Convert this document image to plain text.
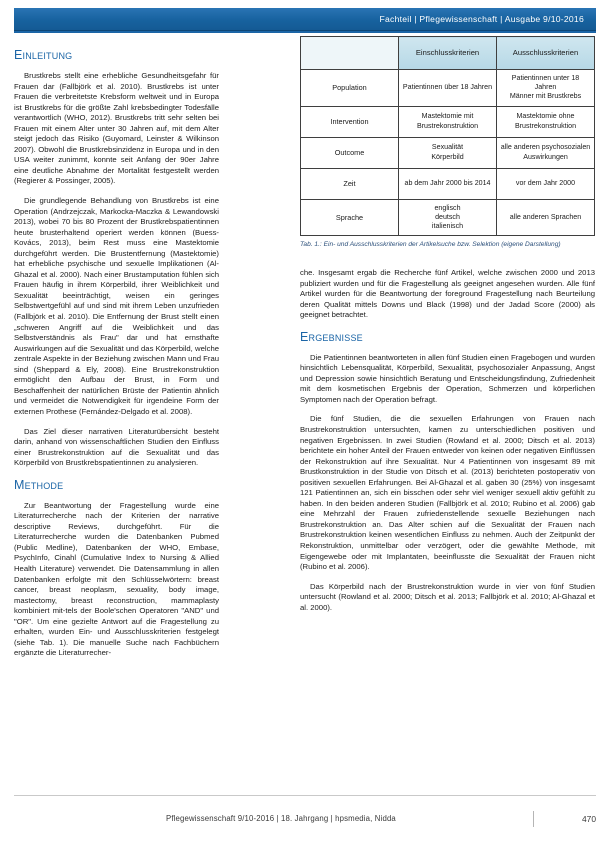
Fachteil | Pflegewissenschaft | Ausgabe 9/10-2016
Einleitung

Brustkrebs stellt eine erhebliche Gesundheitsgefahr für Frauen dar (Fallbjörk et al. 2010). Brustkrebs ist unter Frauen die verbreitetste Krebsform weltweit und in Europa ist Brustkrebs für die größte Zahl krebsbedingter Todesfälle verantwortlich (WHO, 2012). Brustkrebs tritt sehr selten bei Frauen mit einem Alter unter 30 Jahren auf, mit dem Alter steigt jedoch das Risiko (Guyomard, Leinster & Wilkinson 2007). Obwohl die Brustkrebsinzidenz in Europa und in den USA weiter zunimmt, konnte seit Anfang der 90er Jahre eine deutliche Abnahme der Mortalität festgestellt werden (Regierer & Possinger, 2005).

Die grundlegende Behandlung von Brustkrebs ist eine Operation (Andrzejczak, Markocka-Maczka & Lewandowski 2013), wobei 70 bis 80 Prozent der Brustkrebspatientinnen heute brusterhaltend operiert werden können (Buess-Kovács, 2013), beim Rest muss eine Mastektomie durchgeführt werden. Die Brustentfernung (Mastektomie) hat erhebliche psychische und sexuelle Implikationen (Al-Ghazal et al. 2000). Nach einer Brustamputation fühlen sich Frauen häufig in ihrem Körperbild, ihrer Weiblichkeit und Sexualität beeinträchtigt, weisen ein geringes Selbstwertgefühl auf und sind mit ihrem Leben unzufrieden (Fallbjörk et al. 2010). Die Entfernung der Brust stellt einen „schweren Angriff auf die Weiblichkeit und das Selbstverständnis als Frau" dar und hat ernsthafte Auswirkungen auf die Sexualität und das Körperbild, welche zentrale Aspekte in der Beziehung zwischen Mann und Frau sind (Sheppard & Ely, 2008). Eine Brustrekonstruktion ermöglicht den Aufbau der Brust, in Form und Beschaffenheit der natürlichen Brüste der Patientin ähnlich und vermeidet die Notwendigkeit für irgendeine Form der externen Prothese (Fernández-Delgado et al. 2008).

Das Ziel dieser narrativen Literaturübersicht besteht darin, anhand von wissenschaftlichen Studien den Einfluss einer Brustrekonstruktion auf die Sexualität und das Körperbild von Brustkrebspatientinnen zu analysieren.

Methode

Zur Beantwortung der Fragestellung wurde eine Literaturrecherche nach der Kriterien der narrative descriptive Reviews, durchgeführt. Für die Literaturrecherche wurden die Datenbanken Pubmed (Public Medline), Datenbanken der WHO, Embase, PsychInfo, Cinahl (Cumulative Index to Nursing & Allied Health Literature) verwendet. Die Datensammlung in allen Datenbanken erfolgte mit den Schlüsselwörtern: breast cancer, breast neoplasm, sexuality, body image, mastectomy, breast reconstruction, mammaplasty kombiniert mit-tels der Boole'schen Operatoren "AND" und "OR". Um eine gezielte Antwort auf die Fragestellung zu erhalten, wurden Ein- und Ausschlusskriterien festgelegt (siehe Tab. 1). Die manuelle Suche nach Fachbüchern ergänzte die Literaturrecher-

	Einschlusskriterien	Ausschlusskriterien
Population	Patientinnen über 18 Jahren	Patientinnen unter 18 Jahren
Männer mit Brustkrebs
Intervention	Mastektomie mit Brustrekonstruktion	Mastektomie ohne Brustrekonstruktion
Outcome	Sexualität
Körperbild	alle anderen psychosozialen Auswirkungen
Zeit	ab dem Jahr 2000 bis 2014	vor dem Jahr 2000
Sprache	englisch
deutsch
italienisch	alle anderen Sprachen
Tab. 1.: Ein- und Ausschlusskriterien der Artikelsuche bzw. Selektion (eigene Darstellung)

che. Insgesamt ergab die Recherche fünf Artikel, welche zwischen 2000 und 2013 publiziert wurden und für die Fragestellung als geeignet angesehen wurden. Alle fünf Artikel wurden für die Beantwortung der foreground Fragestellung nach Beurteilung deren Qualität mittels Downs und Black (1998) und der Jadad Score (2000) als geeignet betrachtet.

Ergebnisse

Die Patientinnen beantworteten in allen fünf Studien einen Fragebogen und wurden hinsichtlich Lebensqualität, Körperbild, Sexualität, psychosozialer Anpassung, Angst und Depression sowie hinsichtlich Beratung und Entscheidungsfindung, Zufriedenheit mit dem kosmetischen Ergebnis der Operation, Schmerzen und körperlichen Symptomen nach der Operation befragt.

Die fünf Studien, die die sexuellen Erfahrungen von Frauen nach Brustrekonstruktion untersuchten, kamen zu unterschiedlichen positiven und negativen Ergebnissen. In zwei Studien (Rowland et al. 2000; Ditsch et al. 2013) berichtete ein hoher Anteil der Frauen entweder von keinen oder negativen Einflüssen der Rekonstruktion auf ihre Sexualität. Nur 4 Patientinnen von insgesamt 89 mit Brustkonstruktion in der Studie von Ditsch et al. (2013) berichteten postoperativ von positiven sexuellen Erfahrungen. Bei Al-Ghazal et al. gaben 30 (25%) von insgesamt 121 Patientinnen an, sich ein bisschen oder sehr viel weniger sexuell aktiv gefühlt zu haben. In den beiden anderen Studien (Fallbjörk et al. 2010; Rubino et al. 2006) gab eine Mehrzahl der Frauen zufriedenstellende sexuelle Beziehungen nach Brustrekonstruktion an. Das Alter schien auf die Sexualität der Frauen nach Brustrekonstruktion keinen wesentlichen Einfluss zu nehmen. Auch der Zeitpunkt der Rekonstruktion, unmittelbar oder verzögert, oder die gewählte Methode, mit Eigengewebe oder mit Implantaten, beeinflusste die Sexualität der Frauen nicht (Rubino et al. 2006).

Das Körperbild nach der Brustrekonstruktion wurde in vier von fünf Studien untersucht (Rowland et al. 2000; Ditsch et al. 2013; Fallbjörk et al. 2010; Al-Ghazal et al. 2000).

Pflegewissenschaft 9/10-2016 | 18. Jahrgang | hpsmedia, Nidda	470
